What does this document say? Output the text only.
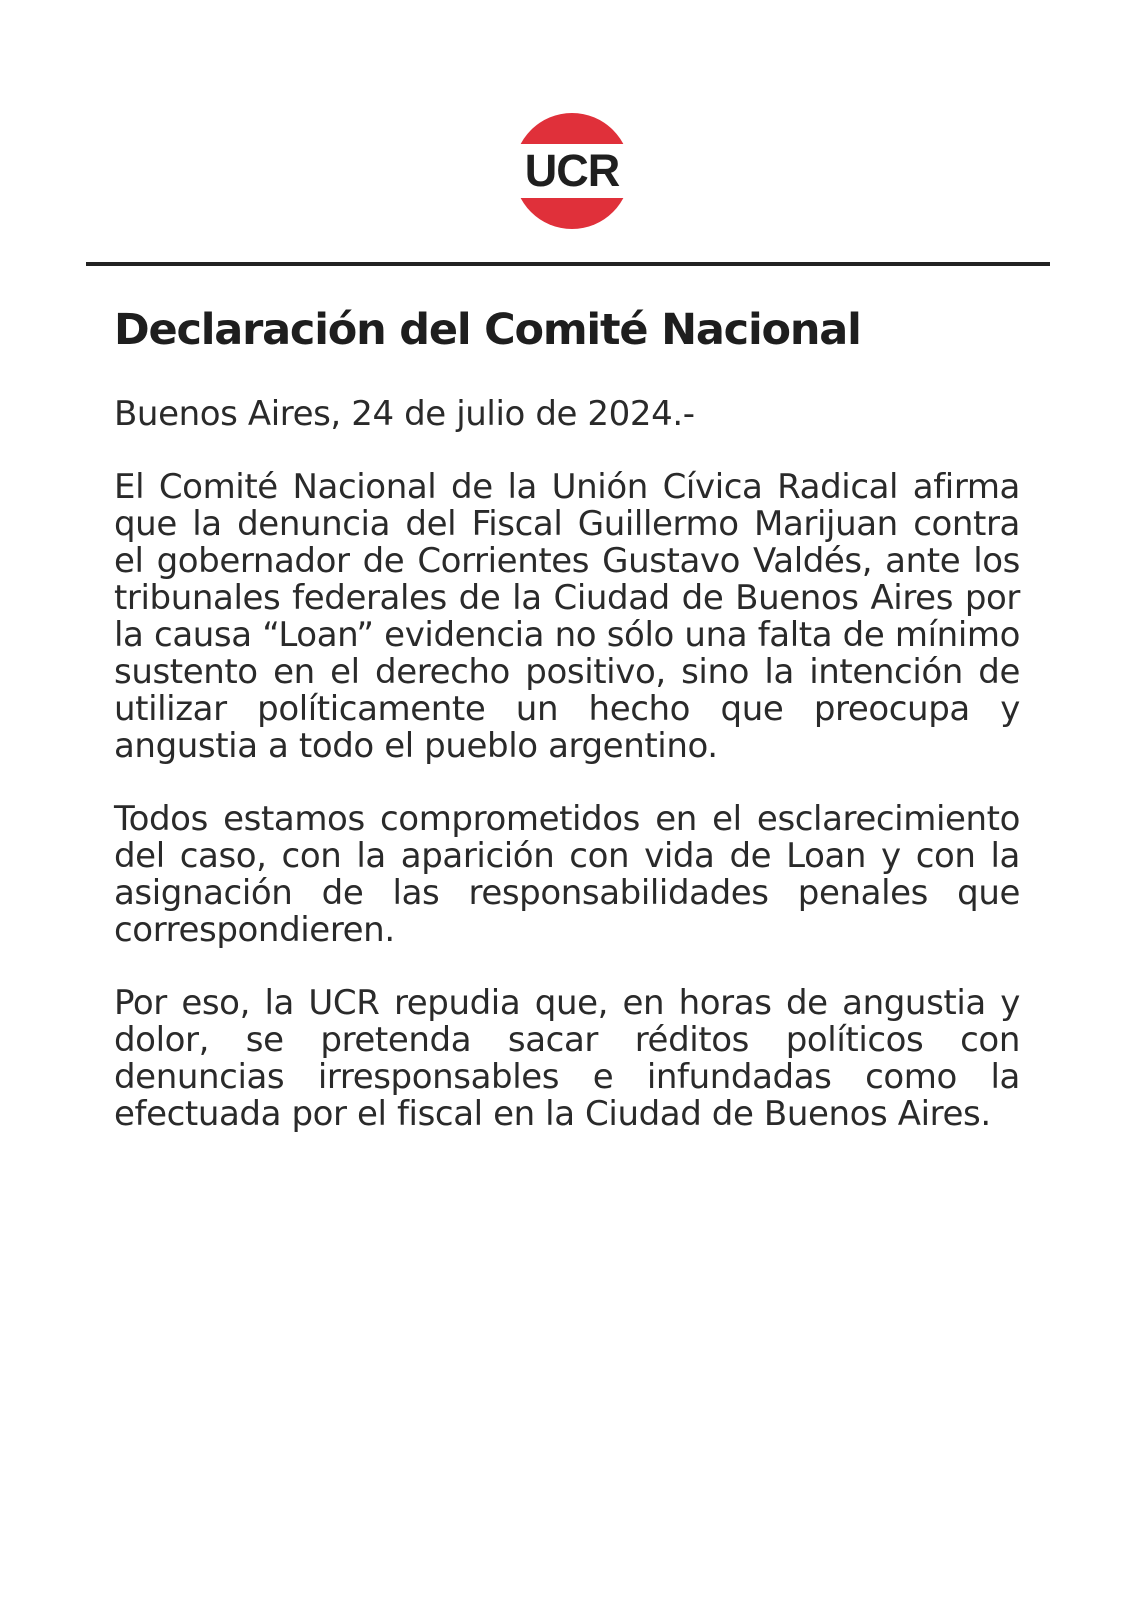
UCR
Declaración del Comité Nacional

Buenos Aires, 24 de julio de 2024.-

El Comité Nacional de la Unión Cívica Radical afirma que la denuncia del Fiscal Guillermo Marijuan contra el gobernador de Corrientes Gustavo Valdés, ante los tribunales federales de la Ciudad de Buenos Aires por la causa “Loan” evidencia no sólo una falta de mínimo sustento en el derecho positivo, sino la intención de utilizar políticamente un hecho que preocupa y angustia a todo el pueblo argentino.

Todos estamos comprometidos en el esclarecimiento del caso, con la aparición con vida de Loan y con la asignación de las responsabilidades penales que correspondieren.

Por eso, la UCR repudia que, en horas de angustia y dolor, se pretenda sacar réditos políticos con denuncias irresponsables e infundadas como la efectuada por el fiscal en la Ciudad de Buenos Aires.
